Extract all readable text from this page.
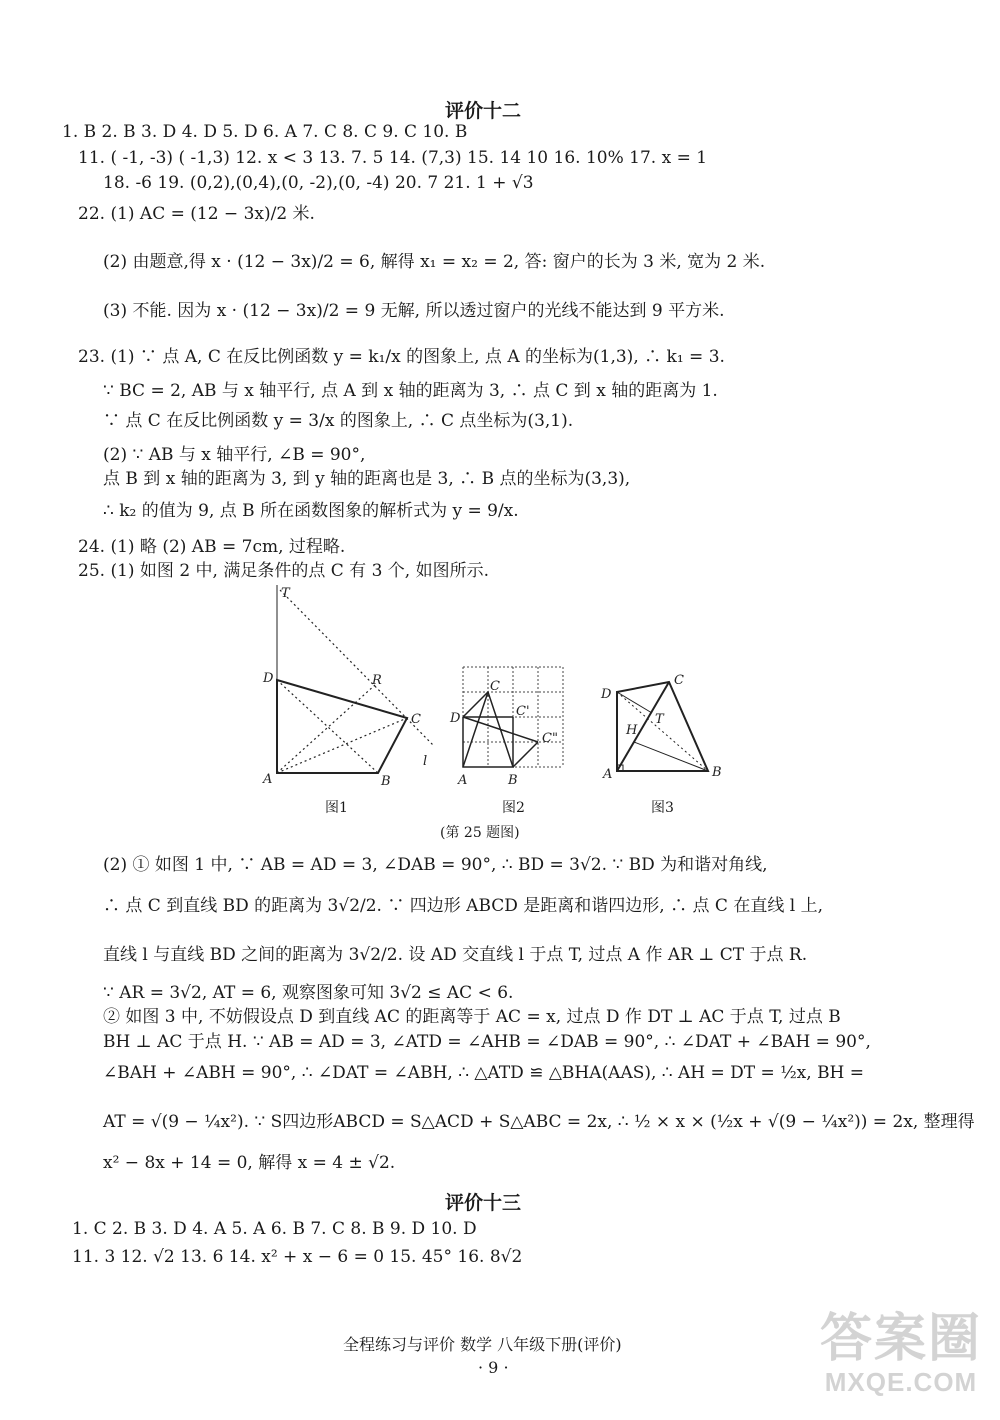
评价十二
1. B 2. B 3. D 4. D 5. D 6. A 7. C 8. C 9. C 10. B
11. ( -1, -3) ( -1,3) 12. x < 3 13. 7. 5 14. (7,3) 15. 14 10 16. 10% 17. x = 1
18. -6 19. (0,2),(0,4),(0, -2),(0, -4) 20. 7 21. 1 + √3
22. (1) AC = (12 − 3x)/2 米.
(2) 由题意,得 x · (12 − 3x)/2 = 6, 解得 x₁ = x₂ = 2, 答: 窗户的长为 3 米, 宽为 2 米.
(3) 不能. 因为 x · (12 − 3x)/2 = 9 无解, 所以透过窗户的光线不能达到 9 平方米.
23. (1) ∵ 点 A, C 在反比例函数 y = k₁/x 的图象上, 点 A 的坐标为(1,3), ∴ k₁ = 3.
∵ BC = 2, AB 与 x 轴平行, 点 A 到 x 轴的距离为 3, ∴ 点 C 到 x 轴的距离为 1.
∵ 点 C 在反比例函数 y = 3/x 的图象上, ∴ C 点坐标为(3,1).
(2) ∵ AB 与 x 轴平行, ∠B = 90°,
点 B 到 x 轴的距离为 3, 到 y 轴的距离也是 3, ∴ B 点的坐标为(3,3),
∴ k₂ 的值为 9, 点 B 所在函数图象的解析式为 y = 9/x.
24. (1) 略 (2) AB = 7cm, 过程略.
25. (1) 如图 2 中, 满足条件的点 C 有 3 个, 如图所示.
T
D	R
C
A	B
l
图1
C
D	C'
C"
A	B
图2
D
C
T
H
A	B
图3
(第 25 题图)
(2) ① 如图 1 中, ∵ AB = AD = 3, ∠DAB = 90°, ∴ BD = 3√2. ∵ BD 为和谐对角线,
∴ 点 C 到直线 BD 的距离为 3√2/2. ∵ 四边形 ABCD 是距离和谐四边形, ∴ 点 C 在直线 l 上,
直线 l 与直线 BD 之间的距离为 3√2/2. 设 AD 交直线 l 于点 T, 过点 A 作 AR ⊥ CT 于点 R.
∵ AR = 3√2, AT = 6, 观察图象可知 3√2 ≤ AC < 6.
② 如图 3 中, 不妨假设点 D 到直线 AC 的距离等于 AC = x, 过点 D 作 DT ⊥ AC 于点 T, 过点 B
BH ⊥ AC 于点 H. ∵ AB = AD = 3, ∠ATD = ∠AHB = ∠DAB = 90°, ∴ ∠DAT + ∠BAH = 90°,
∠BAH + ∠ABH = 90°, ∴ ∠DAT = ∠ABH, ∴ △ATD ≌ △BHA(AAS), ∴ AH = DT = ½x, BH =
AT = √(9 − ¼x²). ∵ S四边形ABCD = S△ACD + S△ABC = 2x, ∴ ½ × x × (½x + √(9 − ¼x²)) = 2x, 整理得
x² − 8x + 14 = 0, 解得 x = 4 ± √2.
评价十三
1. C 2. B 3. D 4. A 5. A 6. B 7. C 8. B 9. D 10. D
11. 3 12. √2 13. 6 14. x² + x − 6 = 0 15. 45° 16. 8√2
全程练习与评价 数学 八年级下册(评价)
· 9 ·	答案圈
MXQE.COM
